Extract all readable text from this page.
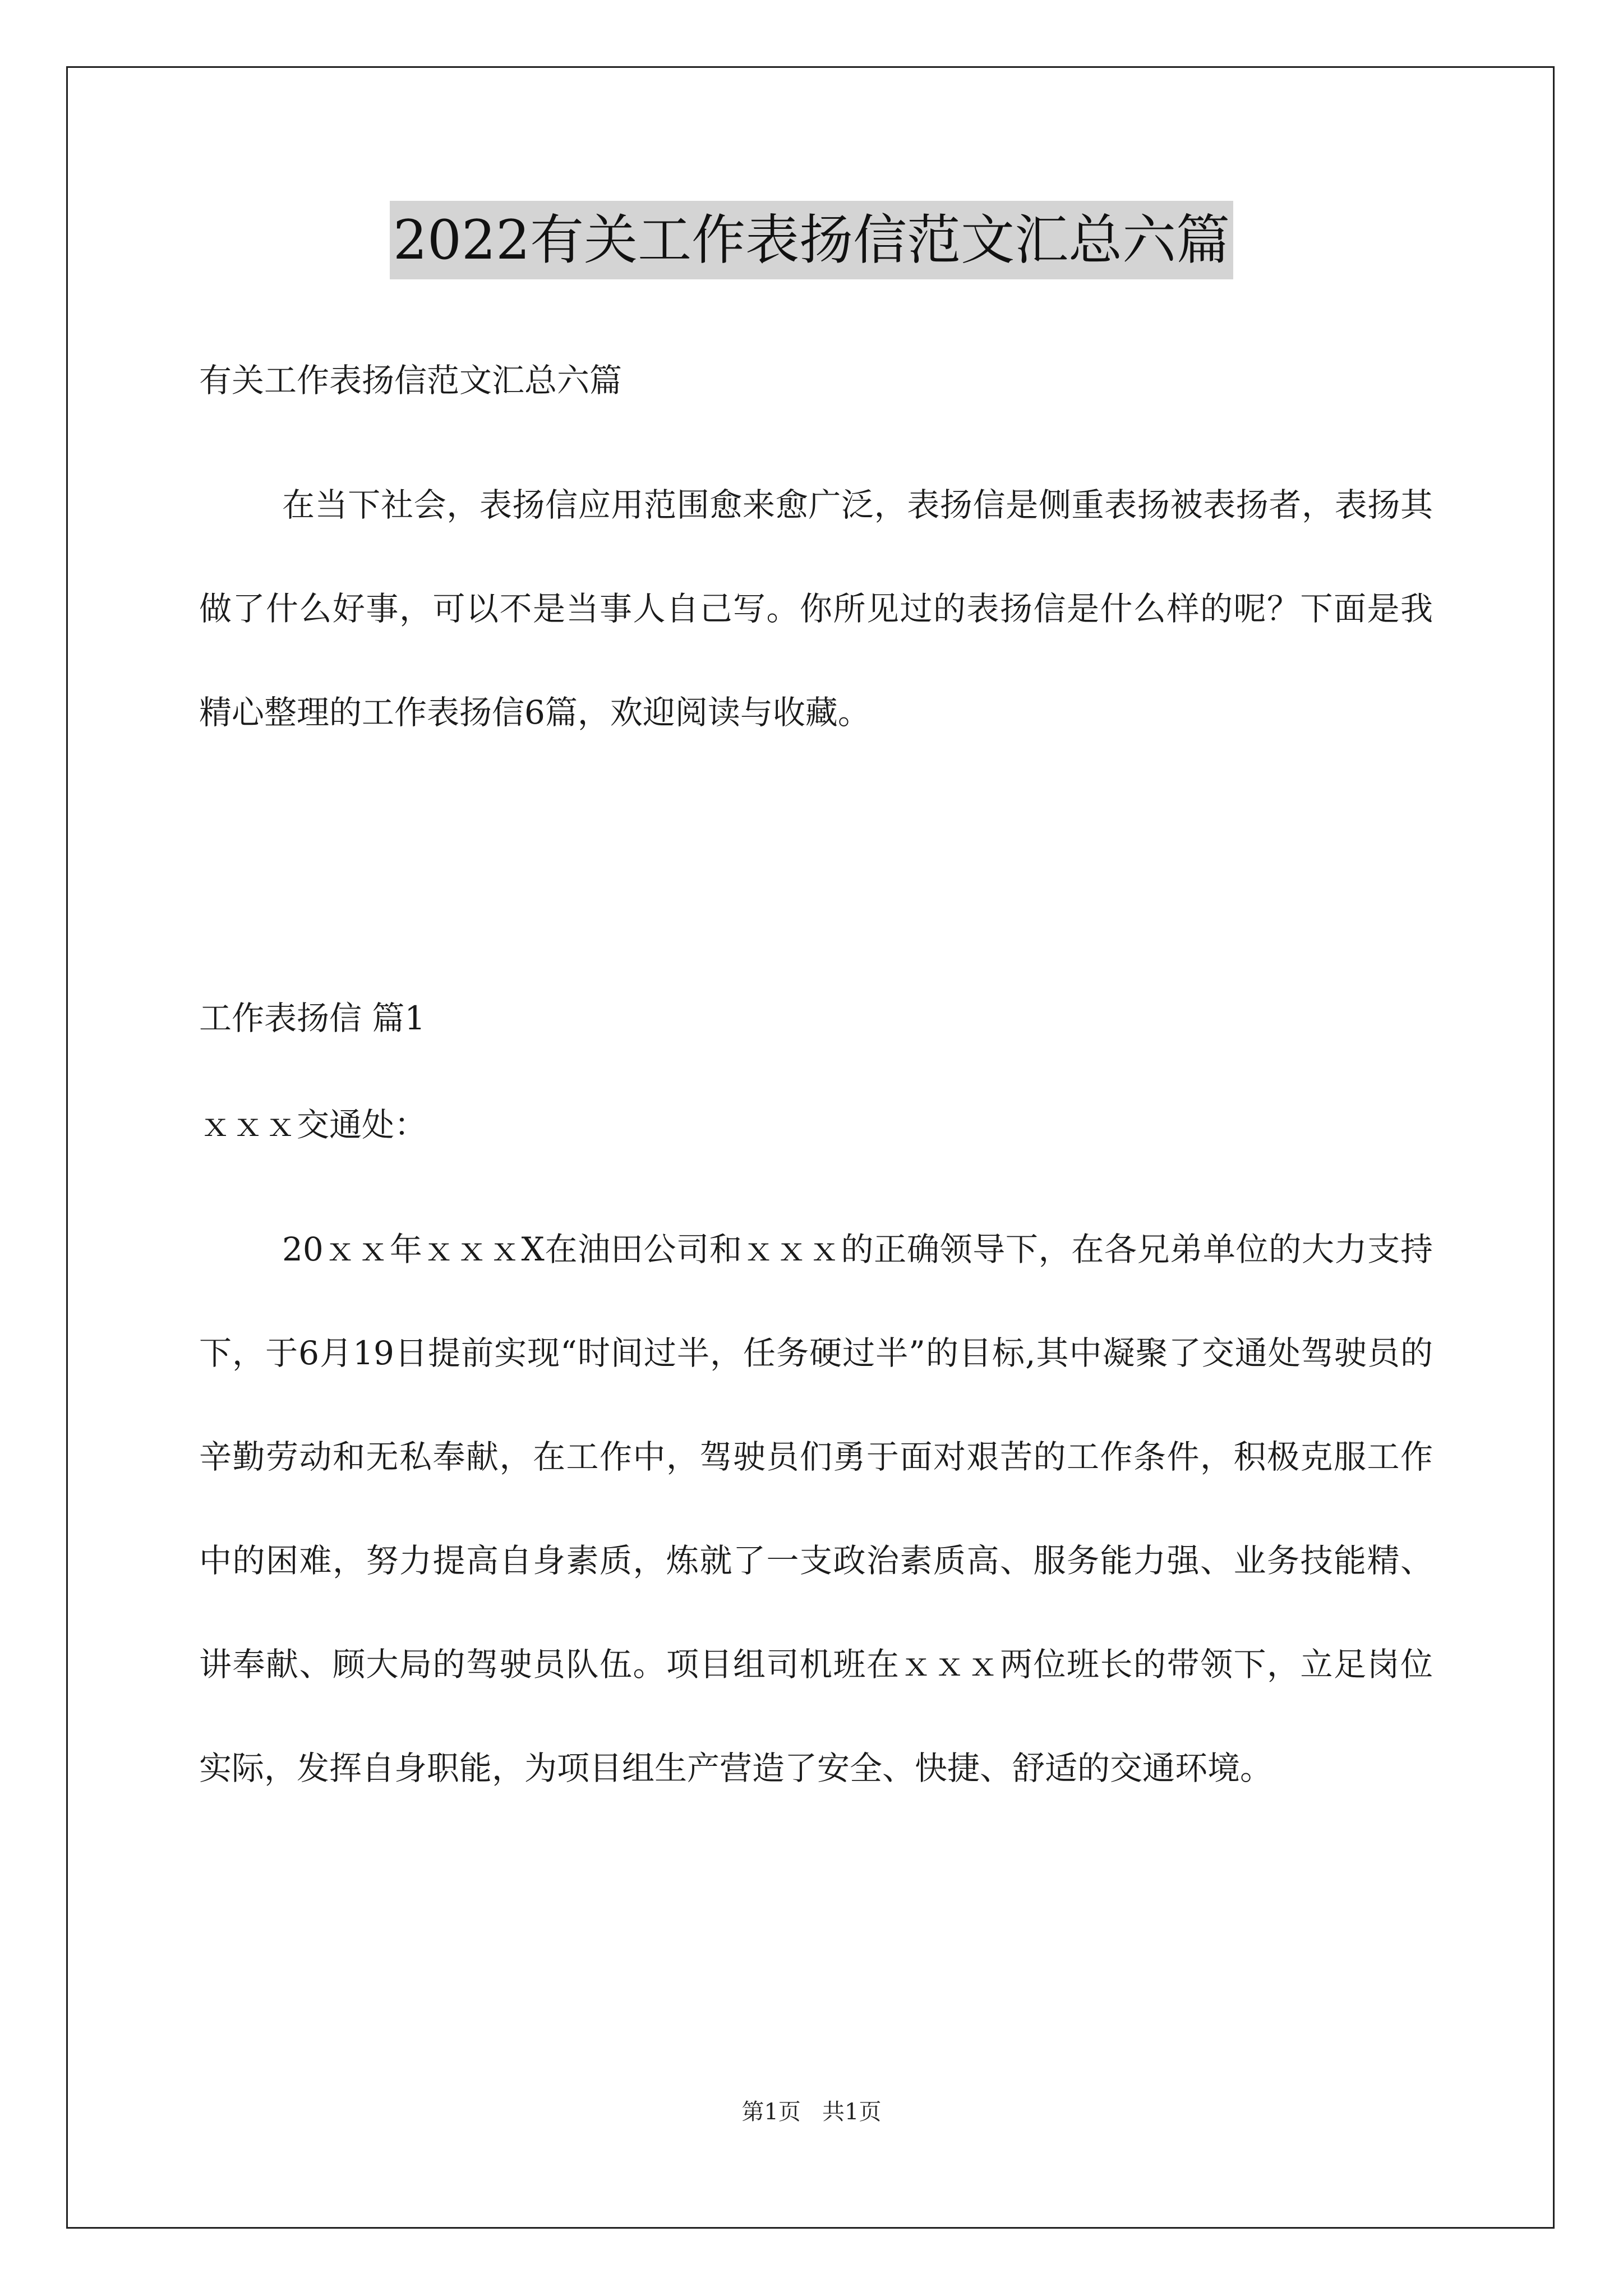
2022有关工作表扬信范文汇总六篇
有关工作表扬信范文汇总六篇
在当下社会，表扬信应用范围愈来愈广泛，表扬信是侧重表扬被表扬者，表扬其做了什么好事，可以不是当事人自己写。你所见过的表扬信是什么样的呢？下面是我精心整理的工作表扬信6篇，欢迎阅读与收藏。
工作表扬信 篇1
ｘｘｘ交通处：
20ｘｘ年ｘｘｘX在油田公司和ｘｘｘ的正确领导下，在各兄弟单位的大力支持下，于6月19日提前实现“时间过半，任务硬过半”的目标,其中凝聚了交通处驾驶员的辛勤劳动和无私奉献，在工作中，驾驶员们勇于面对艰苦的工作条件，积极克服工作中的困难，努力提高自身素质，炼就了一支政治素质高、服务能力强、业务技能精、讲奉献、顾大局的驾驶员队伍。项目组司机班在ｘｘｘ两位班长的带领下，立足岗位实际，发挥自身职能，为项目组生产营造了安全、快捷、舒适的交通环境。
第1页   共1页
